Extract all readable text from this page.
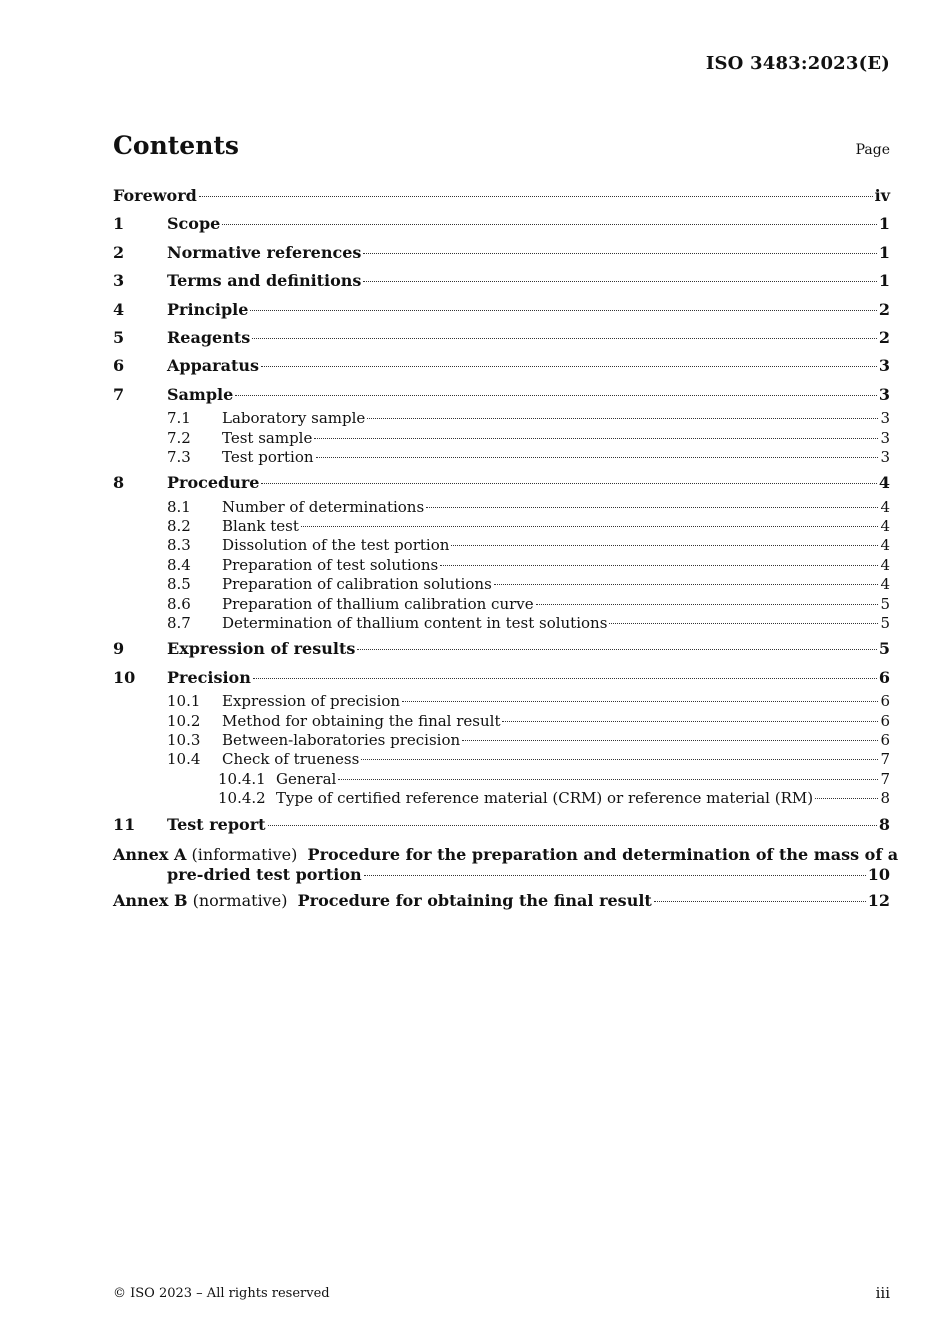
ISO 3483:2023(E)
Contents	Page
Foreword	iv
1	Scope	1
2	Normative references	1
3	Terms and definitions	1
4	Principle	2
5	Reagents	2
6	Apparatus	3
7	Sample	3
7.1	Laboratory sample	3
7.2	Test sample	3
7.3	Test portion	3
8	Procedure	4
8.1	Number of determinations	4
8.2	Blank test	4
8.3	Dissolution of the test portion	4
8.4	Preparation of test solutions	4
8.5	Preparation of calibration solutions	4
8.6	Preparation of thallium calibration curve	5
8.7	Determination of thallium content in test solutions	5
9	Expression of results	5
10	Precision	6
10.1	Expression of precision	6
10.2	Method for obtaining the final result	6
10.3	Between-laboratories precision	6
10.4	Check of trueness	7
10.4.1 General	7
10.4.2 Type of certified reference material (CRM) or reference material (RM)	8
11	Test report	8
Annex A (informative) Procedure for the preparation and determination of the mass of a
pre-dried test portion	10
Annex B (normative) Procedure for obtaining the final result	12
© ISO 2023 – All rights reserved	iii
